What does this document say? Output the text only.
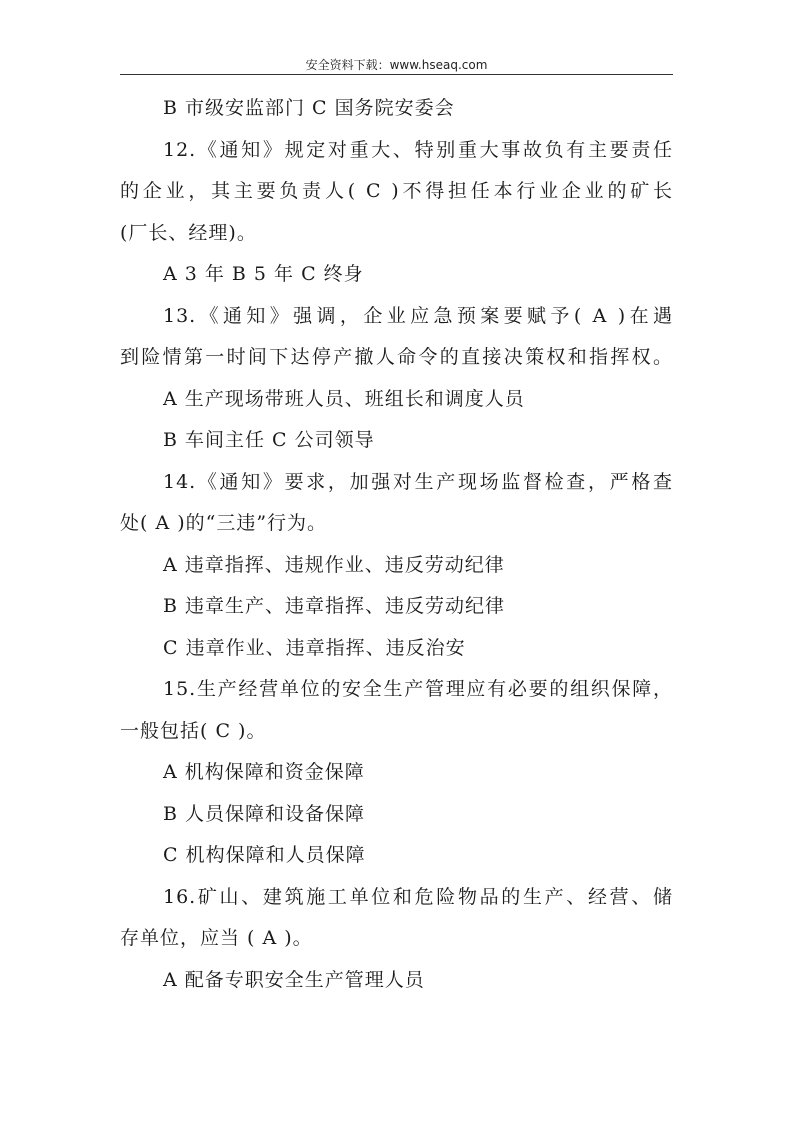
安全资料下载：www.hseaq.com
B 市级安监部门 C 国务院安委会
12.《通知》规定对重大、特别重大事故负有主要责任
的企业，其主要负责人( C )不得担任本行业企业的矿长
(厂长、经理)。
A 3 年 B 5 年 C 终身
13.《通知》强调，企业应急预案要赋予( A )在遇
到险情第一时间下达停产撤人命令的直接决策权和指挥权。
A 生产现场带班人员、班组长和调度人员
B 车间主任 C 公司领导
14.《通知》要求，加强对生产现场监督检查，严格查
处( A )的“三违”行为。
A 违章指挥、违规作业、违反劳动纪律
B 违章生产、违章指挥、违反劳动纪律
C 违章作业、违章指挥、违反治安
15.生产经营单位的安全生产管理应有必要的组织保障，
一般包括( C )。
A 机构保障和资金保障
B 人员保障和设备保障
C 机构保障和人员保障
16.矿山、建筑施工单位和危险物品的生产、经营、储
存单位，应当 ( A )。
A 配备专职安全生产管理人员
